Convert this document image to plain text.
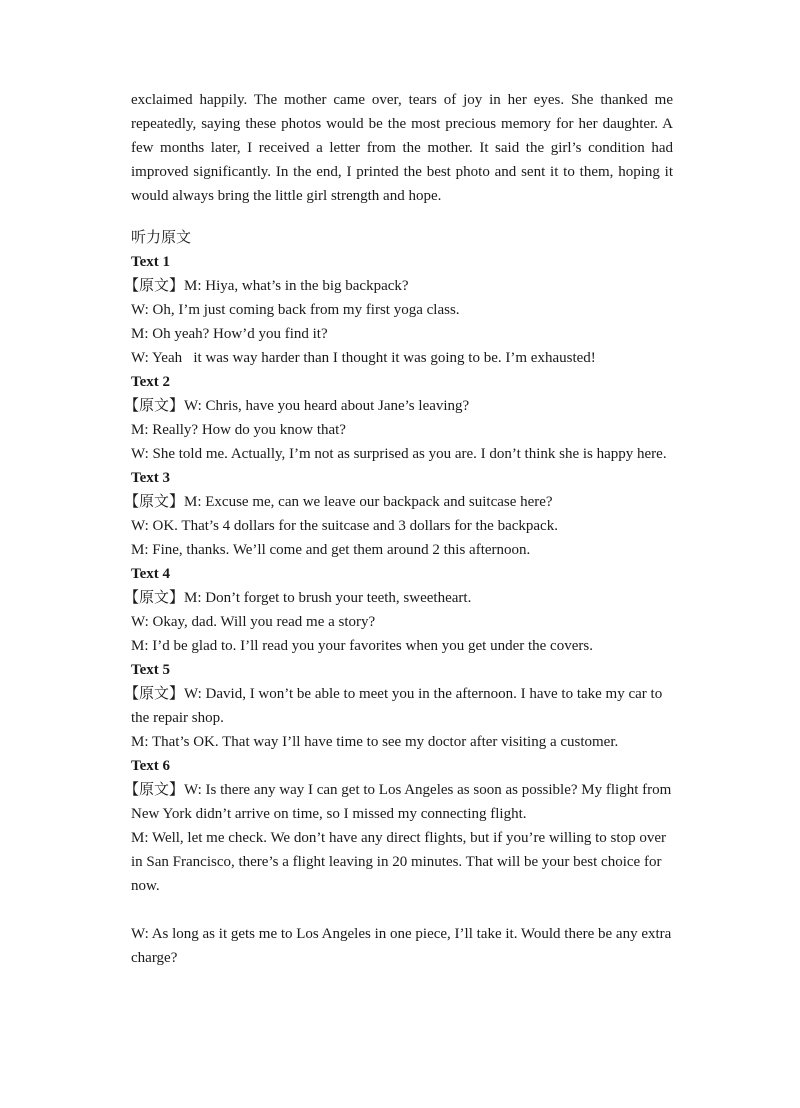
exclaimed happily. The mother came over, tears of joy in her eyes. She thanked me repeatedly, saying these photos would be the most precious memory for her daughter. A few months later, I received a letter from the mother. It said the girl’s condition had improved significantly. In the end, I printed the best photo and sent it to them, hoping it would always bring the little girl strength and hope.

听力原文

Text 1

【原文】M: Hiya, what’s in the big backpack?

W: Oh, I’m just coming back from my first yoga class.

M: Oh yeah? How’d you find it?

W: Yeah   it was way harder than I thought it was going to be. I’m exhausted!

Text 2

【原文】W: Chris, have you heard about Jane’s leaving?

M: Really? How do you know that?

W: She told me. Actually, I’m not as surprised as you are. I don’t think she is happy here.

Text 3

【原文】M: Excuse me, can we leave our backpack and suitcase here?

W: OK. That’s 4 dollars for the suitcase and 3 dollars for the backpack.

M: Fine, thanks. We’ll come and get them around 2 this afternoon.

Text 4

【原文】M: Don’t forget to brush your teeth, sweetheart.

W: Okay, dad. Will you read me a story?

M: I’d be glad to. I’ll read you your favorites when you get under the covers.

Text 5

【原文】W: David, I won’t be able to meet you in the afternoon. I have to take my car to the repair shop.

M: That’s OK. That way I’ll have time to see my doctor after visiting a customer.

Text 6

【原文】W: Is there any way I can get to Los Angeles as soon as possible? My flight from New York didn’t arrive on time, so I missed my connecting flight.

M: Well, let me check. We don’t have any direct flights, but if you’re willing to stop over in San Francisco, there’s a flight leaving in 20 minutes. That will be your best choice for now.

W: As long as it gets me to Los Angeles in one piece, I’ll take it. Would there be any extra charge?
